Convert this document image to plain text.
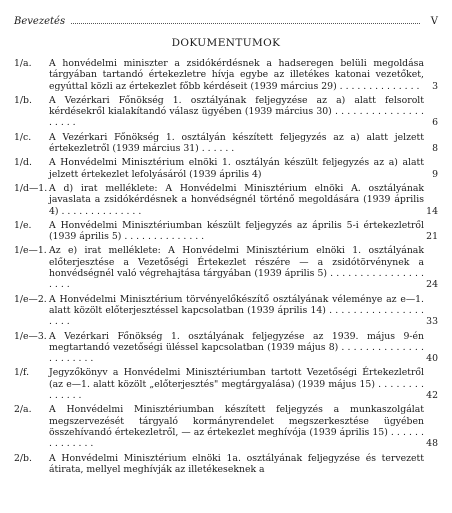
Bevezetés	V
DOKUMENTUMOK
1/a.	A honvédelmi miniszter a zsidókérdésnek a hadseregen belüli megoldása tárgyában tartandó értekezletre hívja egybe az illetékes katonai vezetőket, egyúttal közli az értekezlet főbb kérdéseit (1939 március 29) . . . . . . . . . . . . . .	3
1/b.	A Vezérkari Főnökség 1. osztályának feljegyzése az a) alatt felsorolt kérdésekről kialakítandó válasz ügyében (1939 március 30) . . . . . . . . . . . . . . . . . . . .	6
1/c.	A Vezérkari Főnökség 1. osztályán készített feljegyzés az a) alatt jelzett értekezletről (1939 március 31) . . . . . .	8
1/d.	A Honvédelmi Minisztérium elnöki 1. osztályán készült feljegyzés az a) alatt jelzett értekezlet lefolyásáról (1939 április 4)	9
1/d—1. A d) irat melléklete: A Honvédelmi Minisztérium elnöki A. osztályának javaslata a zsidókérdésnek a honvédségnél történő megoldására (1939 április 4) . . . . . . . . . . . . . .	14
1/e.	A Honvédelmi Minisztériumban készült feljegyzés az április 5-i értekezletről (1939 április 5) . . . . . . . . . . . . . .	21
1/e—1. Az e) irat melléklete: A Honvédelmi Minisztérium elnöki 1. osztályának előterjesztése a Vezetőségi Értekezlet részére — a zsidótörvénynek a honvédségnél való végrehajtása tárgyában (1939 április 5) . . . . . . . . . . . . . . . . . . . .	24
1/e—2. A Honvédelmi Minisztérium törvényelőkészítő osztályának véleménye az e—1. alatt közölt előterjesztéssel kapcsolatban (1939 április 14) . . . . . . . . . . . . . . . . . . . .	33
1/e—3. A Vezérkari Főnökség 1. osztályának feljegyzése az 1939. május 9-én megtartandó vezetőségi üléssel kapcsolatban (1939 május 8) . . . . . . . . . . . . . . . . . . . . . .	40
1/f.	Jegyzőkönyv a Honvédelmi Minisztériumban tartott Vezetőségi Értekezletről (az e—1. alatt közölt „előterjesztés" megtárgyalása) (1939 május 15) . . . . . . . . . . . . . .	42
2/a.	A Honvédelmi Minisztériumban készített feljegyzés a munkaszolgálat megszervezését tárgyaló kormányrendelet megszerkesztése ügyében összehívandó értekezletről, — az értekezlet meghívója (1939 április 15) . . . . . . . . . . . . . .	48
2/b.	A Honvédelmi Minisztérium elnöki 1a. osztályának feljegyzése és tervezett átirata, mellyel meghívják az illetékeseknek a
